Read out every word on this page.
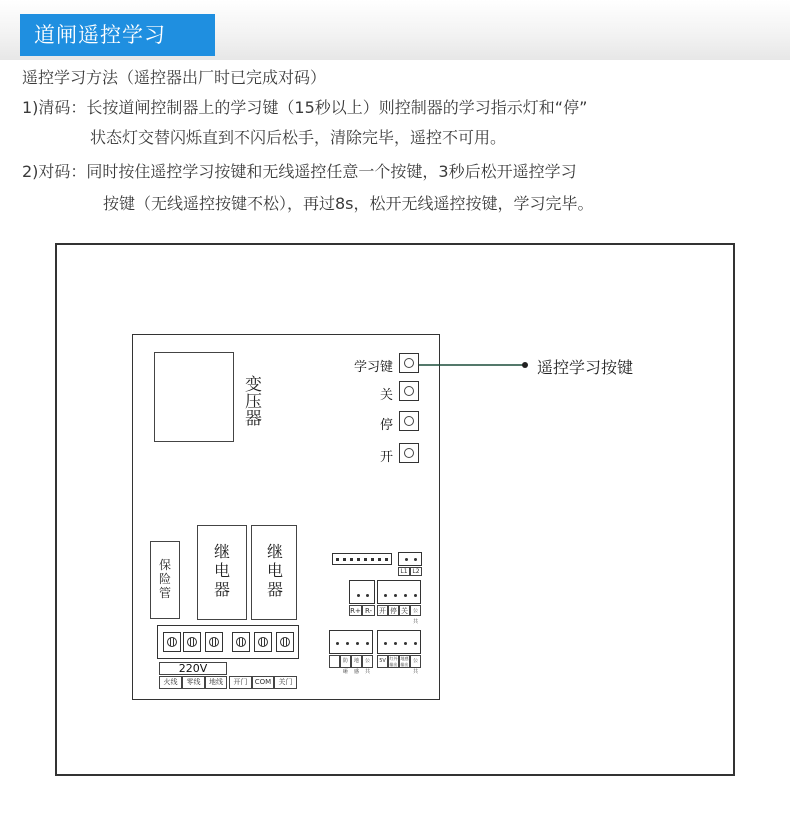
道闸遥控学习
遥控学习方法（遥控器出厂时已完成对码）
1)清码：长按道闸控制器上的学习键（15秒以上）则控制器的学习指示灯和“停”
状态灯交替闪烁直到不闪后松手，清除完毕，遥控不可用。
2)对码：同时按住遥控学习按键和无线遥控任意一个按键，3秒后松开遥控学习
按键（无线遥控按键不松），再过8s，松开无线遥控按键，学习完毕。
变压器
学习键
关
停
开
遥控学习按键
保险管
继电器
继电器
220V
火线	零线	地线	开门	COM	关门
L1 L2
R+ R- 开 停 关 公共
防砸
地感
公共
5V 红外输出
地感输出
公共
